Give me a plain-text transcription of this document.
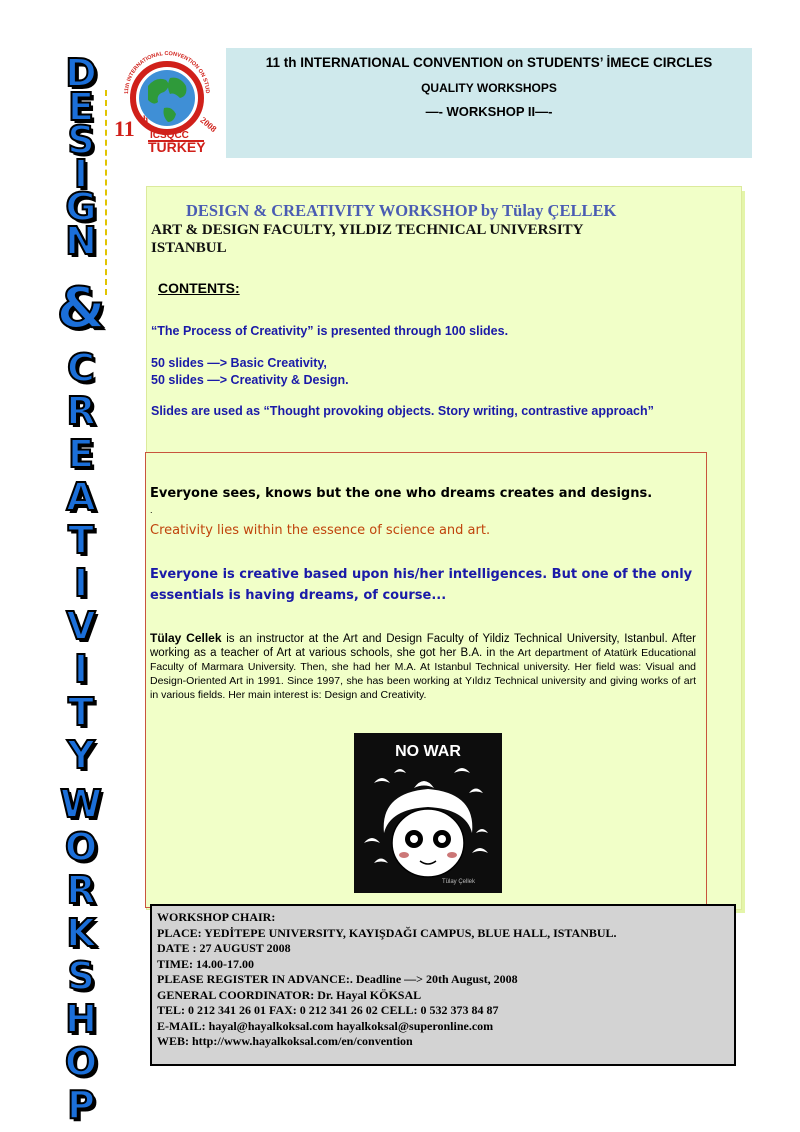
D
E
S
I
G
N
&
C
R
E
A
T
I
V
I
T
Y
W
O
R
K
S
H
O
P
11th INTERNATIONAL CONVENTION ON STUD
11 th	2008
ICSQCC
TURKEY
11 th INTERNATIONAL CONVENTION on STUDENTS’ İMECE CIRCLES
QUALITY WORKSHOPS
—- WORKSHOP II—-
DESIGN & CREATIVITY WORKSHOP by Tülay ÇELLEK
ART & DESIGN FACULTY, YILDIZ TECHNICAL UNIVERSITY
ISTANBUL
CONTENTS:
“The Process of Creativity” is presented through 100 slides.
50 slides —> Basic Creativity,
50 slides —> Creativity & Design.
Slides are used as “Thought provoking objects. Story writing, contrastive approach”
Everyone sees, knows but the one who dreams creates and designs.
.
Creativity lies within the essence of science and art.
Everyone is creative based upon his/her intelligences. But one of the only essentials is having dreams, of course...
Tülay Cellek is an instructor at the Art and Design Faculty of Yildiz Technical University, Istanbul. After working as a teacher of Art at various schools, she got her B.A. in the Art department of Atatürk Educational Faculty of Marmara University. Then, she had her M.A. At Istanbul Technical university. Her field was: Visual and Design-Oriented Art in 1991. Since 1997, she has been working at Yıldız Technical university and giving works of art in various fields. Her main interest is: Design and Creativity.
NO WAR
Tülay Çellek
WORKSHOP CHAIR:
PLACE: YEDİTEPE UNIVERSITY, KAYIŞDAĞI CAMPUS, BLUE HALL, ISTANBUL.
DATE : 27 AUGUST 2008
TIME: 14.00-17.00
PLEASE REGISTER IN ADVANCE:. Deadline —> 20th August, 2008
GENERAL COORDINATOR: Dr. Hayal KÖKSAL
TEL: 0 212 341 26 01 FAX: 0 212 341 26 02 CELL: 0 532 373 84 87
E-MAIL: hayal@hayalkoksal.com hayalkoksal@superonline.com
WEB: http://www.hayalkoksal.com/en/convention
